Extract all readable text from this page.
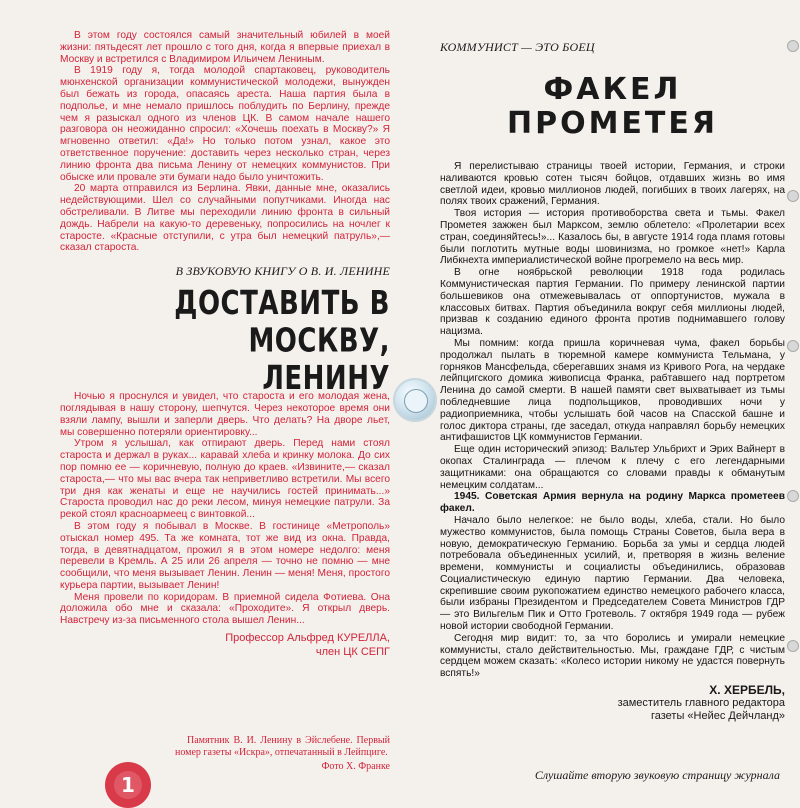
В этом году состоялся самый значительный юбилей в моей жизни: пятьдесят лет прошло с того дня, когда я впервые приехал в Москву и встретился с Владимиром Ильичем Лениным.

В 1919 году я, тогда молодой спартаковец, руководитель мюнхенской организации коммунистической молодежи, вынужден был бежать из города, опасаясь ареста. Наша партия была в подполье, и мне немало пришлось поблудить по Берлину, прежде чем я разыскал одного из членов ЦК. В самом начале нашего разговора он неожиданно спросил: «Хочешь поехать в Москву?» Я мгновенно ответил: «Да!» Но только потом узнал, какое это ответственное поручение: доставить через несколько стран, через линию фронта два письма Ленину от немецких коммунистов. При обыске или провале эти бумаги надо было уничтожить.

20 марта отправился из Берлина. Явки, данные мне, оказались недействующими. Шел со случайными попутчиками. Иногда нас обстреливали. В Литве мы переходили линию фронта в сильный дождь. Набрели на какую-то деревеньку, попросились на ночлег к старосте. «Красные отступили, с утра был немецкий патруль»,— сказал староста.

В ЗВУКОВУЮ КНИГУ О В. И. ЛЕНИНЕ
ДОСТАВИТЬ В МОСКВУ,
ЛЕНИНУ

Ночью я проснулся и увидел, что староста и его молодая жена, поглядывая в нашу сторону, шепчутся. Через некоторое время они взяли лампу, вышли и заперли дверь. Что делать? На дворе льет, мы совершенно потеряли ориентировку...

Утром я услышал, как отпирают дверь. Перед нами стоял староста и держал в руках... каравай хлеба и кринку молока. До сих пор помню ее — коричневую, полную до краев. «Извините,— сказал староста,— что мы вас вчера так неприветливо встретили. Мы всего три дня как женаты и еще не научились гостей принимать...» Староста проводил нас до реки лесом, минуя немецкие патрули. За рекой стоял красноармеец с винтовкой...

В этом году я побывал в Москве. В гостинице «Метрополь» отыскал номер 495. Та же комната, тот же вид из окна. Правда, тогда, в девятнадцатом, прожил я в этом номере недолго: меня перевели в Кремль. А 25 или 26 апреля — точно не помню — мне сообщили, что меня вызывает Ленин. Ленин — меня! Меня, простого курьера партии, вызывает Ленин!

Меня провели по коридорам. В приемной сидела Фотиева. Она доложила обо мне и сказала: «Проходите». Я открыл дверь. Навстречу из-за письменного стола вышел Ленин...

Профессор Альфред КУРЕЛЛА,

член ЦК СЕПГ

1

Памятник В. И. Ленину в Эйслебене. Первый номер газеты «Искра», отпечатанный в Лейпциге.

Фото Х. Франке

КОММУНИСТ — ЭТО БОЕЦ
ФАКЕЛ ПРОМЕТЕЯ

Я перелистываю страницы твоей истории, Германия, и строки наливаются кровью сотен тысяч бойцов, отдавших жизнь во имя светлой идеи, кровью миллионов людей, погибших в твоих лагерях, на полях твоих сражений, Германия.

Твоя история — история противоборства света и тьмы. Факел Прометея зажжен был Марксом, землю облетело: «Пролетарии всех стран, соединяйтесь!»... Казалось бы, в августе 1914 года пламя готовы были поглотить мутные воды шовинизма, но громкое «нет!» Карла Либкнехта империалистической войне прогремело на весь мир.

В огне ноябрьской революции 1918 года родилась Коммунистическая партия Германии. По примеру ленинской партии большевиков она отмежевывалась от оппортунистов, мужала в классовых битвах. Партия объединила вокруг себя миллионы людей, призвав к созданию единого фронта против поднимавшего голову нацизма.

Мы помним: когда пришла коричневая чума, факел борьбы продолжал пылать в тюремной камере коммуниста Тельмана, у горняков Мансфельда, сберегавших знамя из Кривого Рога, на чердаке лейпцигского домика живописца Франка, рабтавшего над портретом Ленина до самой смерти. В нашей памяти свет выхватывает из тьмы побледневшие лица подпольщиков, проводивших ночи у радиоприемника, чтобы услышать бой часов на Спасской башне и голос диктора страны, где заседал, откуда направлял борьбу немецких антифашистов ЦК коммунистов Германии.

Еще один исторический эпизод: Вальтер Ульбрихт и Эрих Вайнерт в окопах Сталинграда — плечом к плечу с его легендарными защитниками: она обращаются со словами правды к обманутым немецким солдатам...

1945. Советская Армия вернула на родину Маркса прометеев факел.

Начало было нелегкое: не было воды, хлеба, стали. Но было мужество коммунистов, была помощь Страны Советов, была вера в новую, демократическую Германию. Борьба за умы и сердца людей потребовала объединенных усилий, и, претворяя в жизнь веление времени, коммунисты и социалисты объединились, образовав Социалистическую единую партию Германии. Два человека, скрепившие своим рукопожатием единство немецкого рабочего класса, были избраны Президентом и Председателем Совета Министров ГДР — это Вильгельм Пик и Отто Гротеволь. 7 октября 1949 года — рубеж новой истории свободной Германии.

Сегодня мир видит: то, за что боролись и умирали немецкие коммунисты, стало действительностью. Мы, граждане ГДР, с чистым сердцем можем сказать: «Колесо истории никому не удастся повернуть вспять!»

Х. ХЕРБЕЛЬ,

заместитель главного редактора

газеты «Нейес Дейчланд»

Слушайте вторую звуковую страницу журнала
